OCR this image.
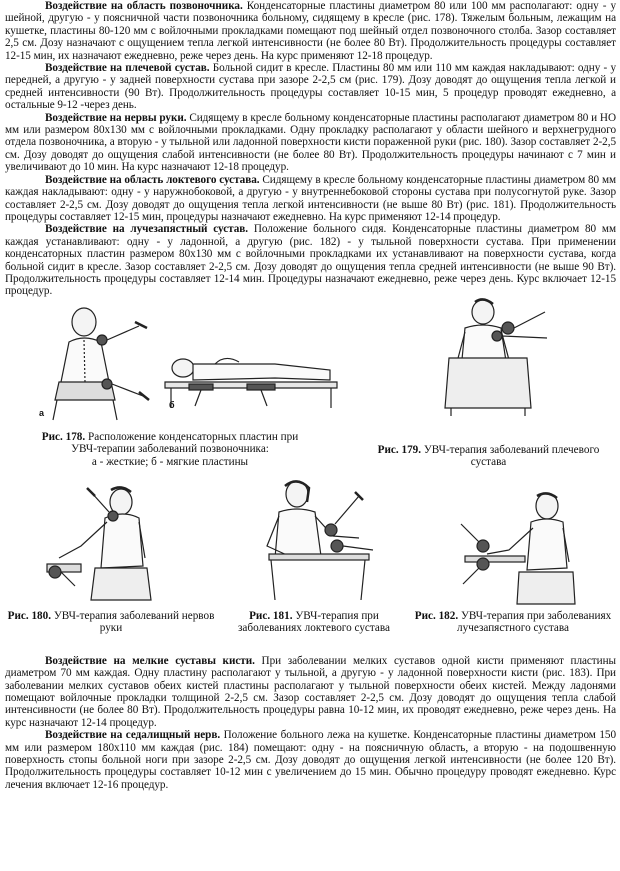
Воздействие на область позвоночника. Конденсаторные пластины диаметром 80 или 100 мм располагают: одну - у шейной, другую - у поясничной части позвоночника больному, сидящему в кресле (рис. 178). Тяжелым больным, лежащим на кушетке, пластины 80-120 мм с войлочными прокладками помещают под шейный отдел позвоночного столба. Зазор составляет 2,5 см. Дозу назначают с ощущением тепла легкой интенсивности (не более 80 Вт). Продолжительность процедуры составляет 12-15 мин, их назначают ежедневно, реже через день. На курс применяют 12-18 процедур.

Воздействие на плечевой сустав. Больной сидит в кресле. Пластины 80 мм или 110 мм каждая накладывают: одну - у передней, а другую - у задней поверхности сустава при зазоре 2-2,5 см (рис. 179). Дозу доводят до ощущения тепла легкой и средней интенсивности (90 Вт). Продолжительность процедуры составляет 10-15 мин, 5 процедур проводят ежедневно, а остальные 9-12 -через день.

Воздействие на нервы руки. Сидящему в кресле больному конденсаторные пластины располагают диаметром 80 и НО мм или размером 80x130 мм с войлочными прокладками. Одну прокладку располагают у области шейного и верхнегрудного отдела позвоночника, а вторую - у тыльной или ладонной поверхности кисти пораженной руки (рис. 180). Зазор составляет 2-2,5 см. Дозу доводят до ощущения слабой интенсивности (не более 80 Вт). Продолжительность процедуры начинают с 7 мин и увеличивают до 10 мин. На курс назначают 12-18 процедур.

Воздействие на область локтевого сустава. Сидящему в кресле больному конденсаторные пластины диаметром 80 мм каждая накладывают: одну - у наружнобоковой, а другую - у внутреннебоковой стороны сустава при полусогнутой руке. Зазор составляет 2-2,5 см. Дозу доводят до ощущения тепла легкой интенсивности (не выше 80 Вт) (рис. 181). Продолжительность процедуры составляет 12-15 мин, процедуры назначают ежедневно. На курс применяют 12-14 процедур.

Воздействие на лучезапястный сустав. Положение больного сидя. Конденсаторные пластины диаметром 80 мм каждая устанавливают: одну - у ладонной, а другую (рис. 182) - у тыльной поверхности сустава. При применении конденсаторных пластин размером 80x130 мм с войлочными прокладками их устанавливают на поверхности сустава, когда больной сидит в кресле. Зазор составляет 2-2,5 см. Дозу доводят до ощущения тепла средней интенсивности (не выше 90 Вт). Продолжительность процедуры составляет 12-14 мин. Процедуры назначают ежедневно, реже через день. Курс включает 12-15 процедур.

а
б
Рис. 178. Расположение конденсаторных пластин при УВЧ-терапии заболеваний позвоночника:
а - жесткие; б - мягкие пластины
Рис. 179. УВЧ-терапия заболеваний плечевого сустава
Рис. 180. УВЧ-терапия заболеваний нервов руки
Рис. 181. УВЧ-терапия при заболеваниях локтевого сустава
Рис. 182. УВЧ-терапия при заболеваниях лучезапястного сустава

Воздействие на мелкие суставы кисти. При заболевании мелких суставов одной кисти применяют пластины диаметром 70 мм каждая. Одну пластину располагают у тыльной, а другую - у ладонной поверхности кисти (рис. 183). При заболевании мелких суставов обеих кистей пластины располагают у тыльной поверхности обеих кистей. Между ладонями помещают войлочные прокладки толщиной 2-2,5 см. Зазор составляет 2-2,5 см. Дозу доводят до ощущения тепла слабой интенсивности (не более 80 Вт). Продолжительность процедуры равна 10-12 мин, их проводят ежедневно, реже через день. На курс назначают 12-14 процедур.

Воздействие на седалищный нерв. Положение больного лежа на кушетке. Конденсаторные пластины диаметром 150 мм или размером 180x110 мм каждая (рис. 184) помещают: одну - на поясничную область, а вторую - на подошвенную поверхность стопы больной ноги при зазоре 2-2,5 см. Дозу доводят до ощущения легкой интенсивности (не более 120 Вт). Продолжительность процедуры составляет 10-12 мин с увеличением до 15 мин. Обычно процедуру проводят ежедневно. Курс лечения включает 12-16 процедур.
